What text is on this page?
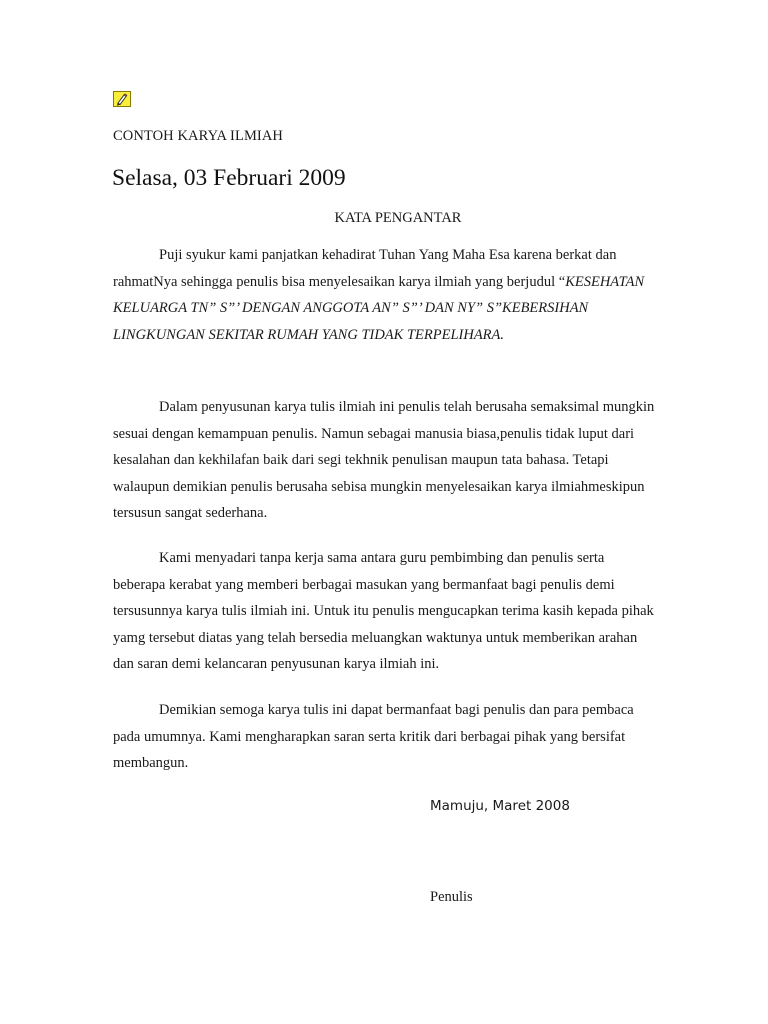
CONTOH KARYA ILMIAH
Selasa, 03 Februari 2009
KATA PENGANTAR

Puji syukur kami panjatkan kehadirat Tuhan Yang Maha Esa karena berkat dan rahmatNya sehingga penulis bisa menyelesaikan karya ilmiah yang berjudul “KESEHATAN KELUARGA TN” S”’ DENGAN ANGGOTA AN” S”’ DAN NY” S”KEBERSIHAN LINGKUNGAN SEKITAR RUMAH YANG TIDAK TERPELIHARA.

Dalam penyusunan karya tulis ilmiah ini penulis telah berusaha semaksimal mungkin sesuai dengan kemampuan penulis. Namun sebagai manusia biasa,penulis tidak luput dari kesalahan dan kekhilafan baik dari segi tekhnik penulisan maupun tata bahasa. Tetapi walaupun demikian penulis berusaha sebisa mungkin menyelesaikan karya ilmiahmeskipun tersusun sangat sederhana.

Kami menyadari tanpa kerja sama antara guru pembimbing dan penulis serta beberapa kerabat yang memberi berbagai masukan yang bermanfaat bagi penulis demi tersusunnya karya tulis ilmiah ini. Untuk itu penulis mengucapkan terima kasih kepada pihak yamg tersebut diatas yang telah bersedia meluangkan waktunya untuk memberikan arahan dan saran demi kelancaran penyusunan karya ilmiah ini.

Demikian semoga karya tulis ini dapat bermanfaat bagi penulis dan para pembaca pada umumnya. Kami mengharapkan saran serta kritik dari berbagai pihak yang bersifat membangun.

Mamuju, Maret 2008
Penulis
